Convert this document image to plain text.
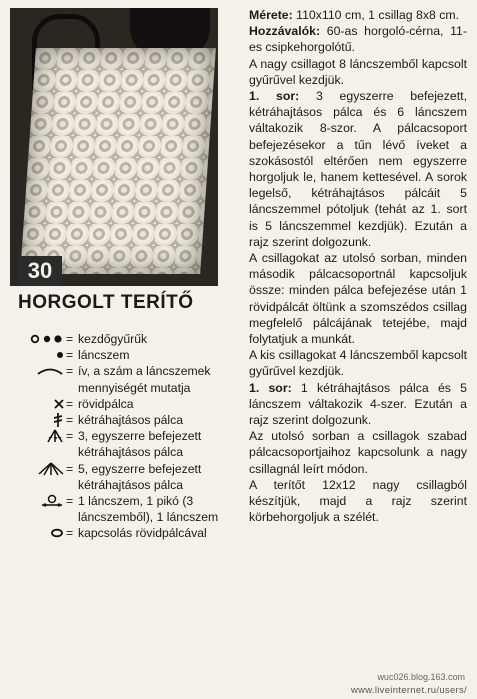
30
HORGOLT TERÍTŐ
= kezdőgyűrűk
= láncszem
= ív, a szám a láncszemek mennyiségét mutatja
= rövidpálca
= kétráhajtásos pálca
= 3, egyszerre befejezett kétráhajtásos pálca
= 5, egyszerre befejezett kétráhajtásos pálca
= 1 láncszem, 1 pikó (3 láncszemből), 1 láncszem
= kapcsolás rövidpálcával

Mérete: 110x110 cm, 1 csillag 8x8 cm.

Hozzávalók: 60-as horgoló-cérna, 11-es csipkehorgolótű.

A nagy csillagot 8 láncszemből kapcsolt gyűrűvel kezdjük.

1. sor: 3 egyszerre befejezett, kétráhajtásos pálca és 6 láncszem váltakozik 8-szor. A pálcacsoport befejezésekor a tűn lévő íveket a szokásostól eltérően nem egyszerre horgoljuk le, hanem kettesével. A sorok legelső, kétráhajtásos pálcáit 5 láncszemmel pótoljuk (tehát az 1. sort is 5 láncszemmel kezdjük). Ezután a rajz szerint dolgozunk.

A csillagokat az utolsó sorban, minden második pálcacsoportnál kapcsoljuk össze: minden pálca befejezése után 1 rövidpálcát öltünk a szomszédos csillag megfelelő pálcájának tetejébe, majd folytatjuk a munkát.

A kis csillagokat 4 láncszemből kapcsolt gyűrűvel kezdjük.

1. sor: 1 kétráhajtásos pálca és 5 láncszem váltakozik 4-szer. Ezután a rajz szerint dolgozunk.

Az utolsó sorban a csillagok szabad pálcacsoportjaihoz kapcsolunk a nagy csillagnál leírt módon.

A terítőt 12x12 nagy csillagból készítjük, majd a rajz szerint körbehorgoljuk a szélét.

wuc026.blog.163.com
www.liveinternet.ru/users/
